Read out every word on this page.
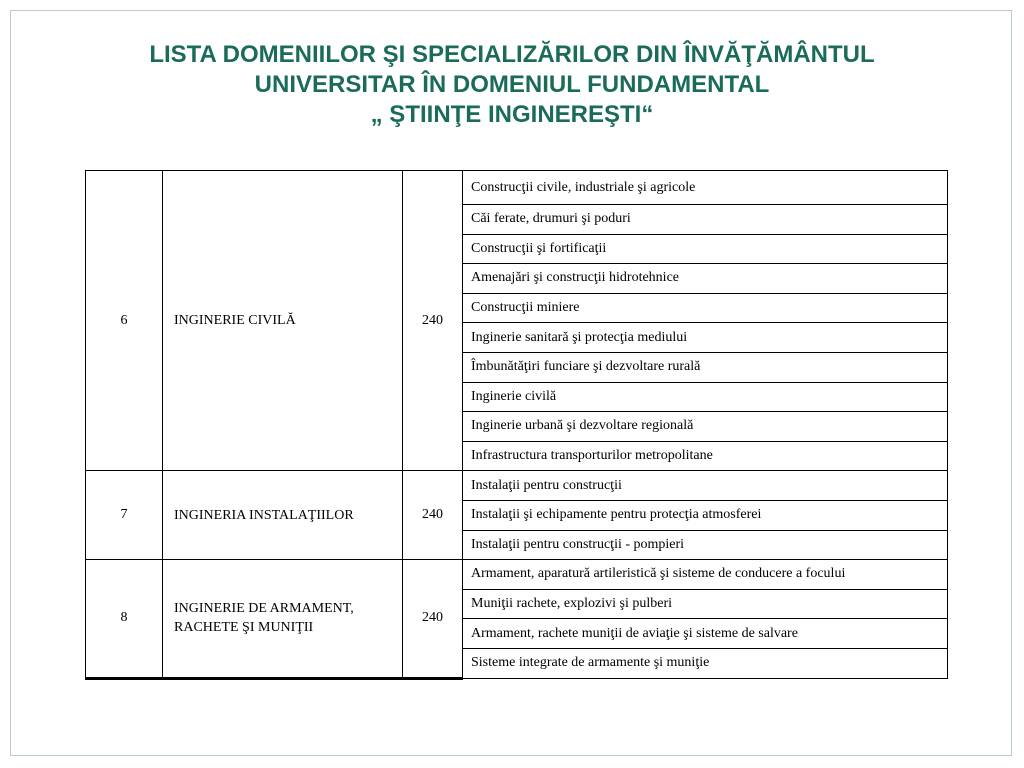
LISTA DOMENIILOR ŞI SPECIALIZĂRILOR DIN ÎNVĂŢĂMÂNTUL
UNIVERSITAR ÎN DOMENIUL FUNDAMENTAL
„ ŞTIINŢE INGINEREŞTI“
6	INGINERIE CIVILĂ	240	Construcţii civile, industriale şi agricole
			Căi ferate, drumuri şi poduri
			Construcţii şi fortificaţii
			Amenajări şi construcţii hidrotehnice
			Construcţii miniere
			Inginerie sanitară şi protecţia mediului
			Îmbunătăţiri funciare şi dezvoltare rurală
			Inginerie civilă
			Inginerie urbană şi dezvoltare regională
			Infrastructura transporturilor metropolitane
7	INGINERIA INSTALAŢIILOR	240	Instalaţii pentru construcţii
			Instalaţii şi echipamente pentru protecţia atmosferei
			Instalaţii pentru construcţii - pompieri
8	INGINERIE DE ARMAMENT, RACHETE ŞI MUNIŢII	240	Armament, aparatură artileristică şi sisteme de conducere a focului
			Muniţii rachete, explozivi şi pulberi
			Armament, rachete muniţii de aviaţie şi sisteme de salvare
			Sisteme integrate de armamente şi muniţie
